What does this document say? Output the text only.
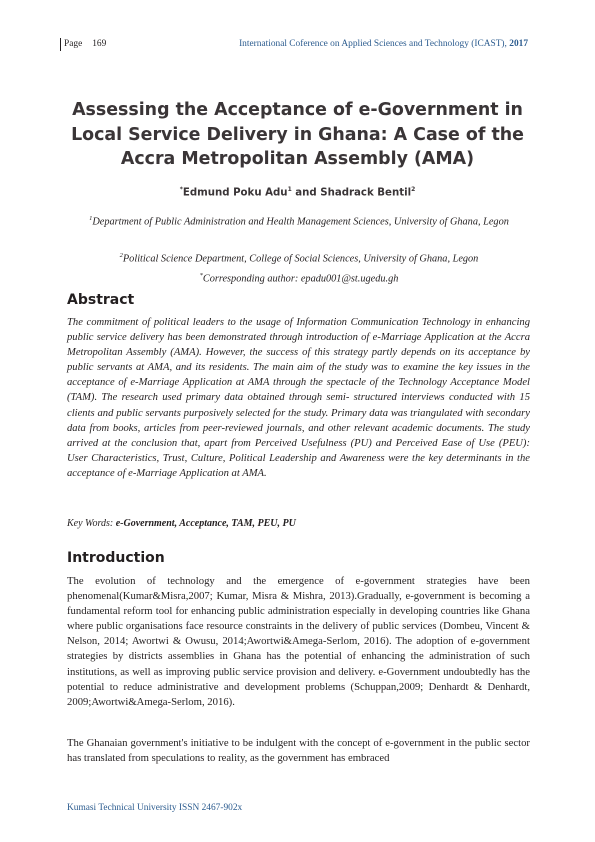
Page 169	International Coference on Applied Sciences and Technology (ICAST), 2017
Assessing the Acceptance of e-Government in Local Service Delivery in Ghana: A Case of the Accra Metropolitan Assembly (AMA)
*Edmund Poku Adu$^1$ and Shadrack Bentil$^2$
$^1$Department of Public Administration and Health Management Sciences, University of Ghana, Legon
$^2$Political Science Department, College of Social Sciences, University of Ghana, Legon
*Corresponding author: epadu001@st.ugedu.gh
Abstract

The commitment of political leaders to the usage of Information Communication Technology in enhancing public service delivery has been demonstrated through introduction of e-Marriage Application at the Accra Metropolitan Assembly (AMA). However, the success of this strategy partly depends on its acceptance by public servants at AMA, and its residents. The main aim of the study was to examine the key issues in the acceptance of e-Marriage Application at AMA through the spectacle of the Technology Acceptance Model (TAM). The research used primary data obtained through semi- structured interviews conducted with 15 clients and public servants purposively selected for the study. Primary data was triangulated with secondary data from books, articles from peer-reviewed journals, and other relevant academic documents. The study arrived at the conclusion that, apart from Perceived Usefulness (PU) and Perceived Ease of Use (PEU): User Characteristics, Trust, Culture, Political Leadership and Awareness were the key determinants in the acceptance of e-Marriage Application at AMA.

Key Words: e-Government, Acceptance, TAM, PEU, PU

Introduction

The evolution of technology and the emergence of e-government strategies have been phenomenal(Kumar&Misra,2007; Kumar, Misra & Mishra, 2013).Gradually, e-government is becoming a fundamental reform tool for enhancing public administration especially in developing countries like Ghana where public organisations face resource constraints in the delivery of public services (Dombeu, Vincent & Nelson, 2014; Awortwi & Owusu, 2014;Awortwi&Amega-Serlom, 2016). The adoption of e-government strategies by districts assemblies in Ghana has the potential of enhancing the administration of such institutions, as well as improving public service provision and delivery. e-Government undoubtedly has the potential to reduce administrative and development problems (Schuppan,2009; Denhardt & Denhardt, 2009;Awortwi&Amega-Serlom, 2016).

The Ghanaian government's initiative to be indulgent with the concept of e-government in the public sector has translated from speculations to reality, as the government has embraced

Kumasi Technical University ISSN 2467-902x
